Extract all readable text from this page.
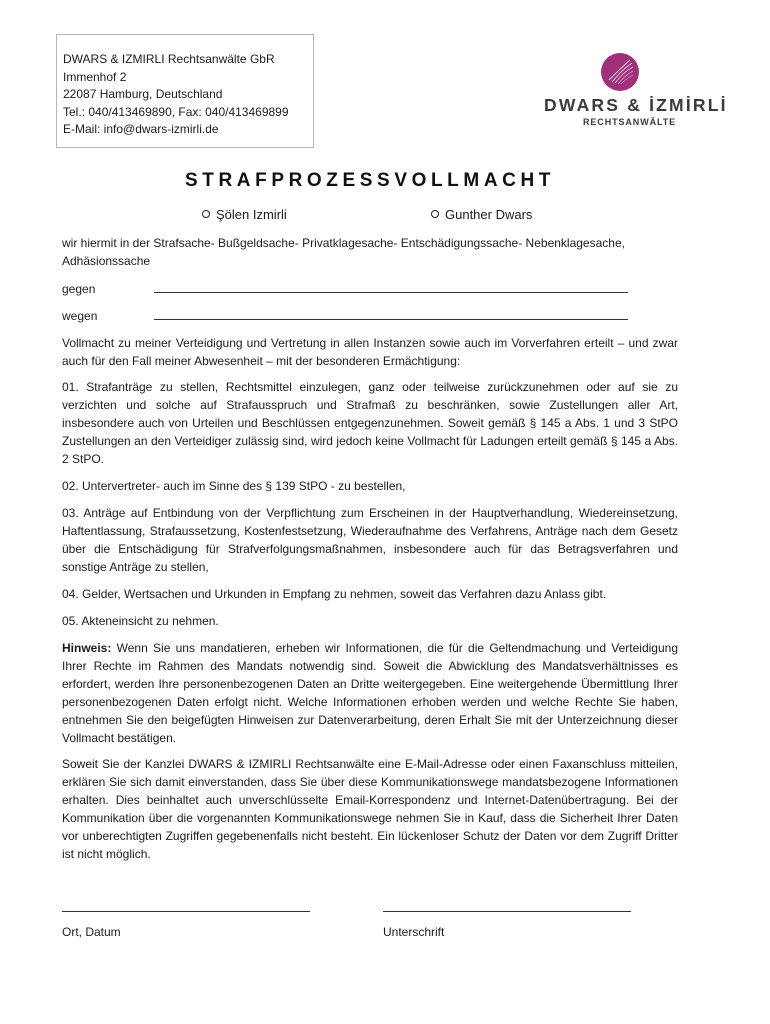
DWARS & IZMIRLI Rechtsanwälte GbR
Immenhof 2
22087 Hamburg, Deutschland
Tel.: 040/413469890, Fax: 040/413469899
E-Mail: info@dwars-izmirli.de
DWARS & İZMİRLİ
RECHTSANWÄLTE
STRAFPROZESSVOLLMACHT
Şölen Izmirli	Gunther Dwars

wir hiermit in der Strafsache- Bußgeldsache- Privatklagesache- Entschädigungssache- Nebenklagesache, Adhäsionssache

gegen
wegen

Vollmacht zu meiner Verteidigung und Vertretung in allen Instanzen sowie auch im Vorverfahren erteilt – und zwar auch für den Fall meiner Abwesenheit – mit der besonderen Ermächtigung:

01. Strafanträge zu stellen, Rechtsmittel einzulegen, ganz oder teilweise zurückzunehmen oder auf sie zu verzichten und solche auf Strafausspruch und Strafmaß zu beschränken, sowie Zustellungen aller Art, insbesondere auch von Urteilen und Beschlüssen entgegenzunehmen. Soweit gemäß § 145 a Abs. 1 und 3 StPO Zustellungen an den Verteidiger zulässig sind, wird jedoch keine Vollmacht für Ladungen erteilt gemäß § 145 a Abs. 2 StPO.

02. Untervertreter- auch im Sinne des § 139 StPO - zu bestellen,

03. Anträge auf Entbindung von der Verpflichtung zum Erscheinen in der Hauptverhandlung, Wiedereinsetzung, Haftentlassung, Strafaussetzung, Kostenfestsetzung, Wiederaufnahme des Verfahrens, Anträge nach dem Gesetz über die Entschädigung für Strafverfolgungsmaßnahmen, insbesondere auch für das Betragsverfahren und sonstige Anträge zu stellen,

04. Gelder, Wertsachen und Urkunden in Empfang zu nehmen, soweit das Verfahren dazu Anlass gibt.

05. Akteneinsicht zu nehmen.

Hinweis: Wenn Sie uns mandatieren, erheben wir Informationen, die für die Geltendmachung und Verteidigung Ihrer Rechte im Rahmen des Mandats notwendig sind. Soweit die Abwicklung des Mandatsverhältnisses es erfordert, werden Ihre personenbezogenen Daten an Dritte weitergegeben. Eine weitergehende Übermittlung Ihrer personenbezogenen Daten erfolgt nicht. Welche Informationen erhoben werden und welche Rechte Sie haben, entnehmen Sie den beigefügten Hinweisen zur Datenverarbeitung, deren Erhalt Sie mit der Unterzeichnung dieser Vollmacht bestätigen.

Soweit Sie der Kanzlei DWARS & IZMIRLI Rechtsanwälte eine E-Mail-Adresse oder einen Faxanschluss mitteilen, erklären Sie sich damit einverstanden, dass Sie über diese Kommunikationswege mandatsbezogene Informationen erhalten. Dies beinhaltet auch unverschlüsselte Email-Korrespondenz und Internet-Datenübertragung. Bei der Kommunikation über die vorgenannten Kommunikationswege nehmen Sie in Kauf, dass die Sicherheit Ihrer Daten vor unberechtigten Zugriffen gegebenenfalls nicht besteht. Ein lückenloser Schutz der Daten vor dem Zugriff Dritter ist nicht möglich.

Ort, Datum	Unterschrift
